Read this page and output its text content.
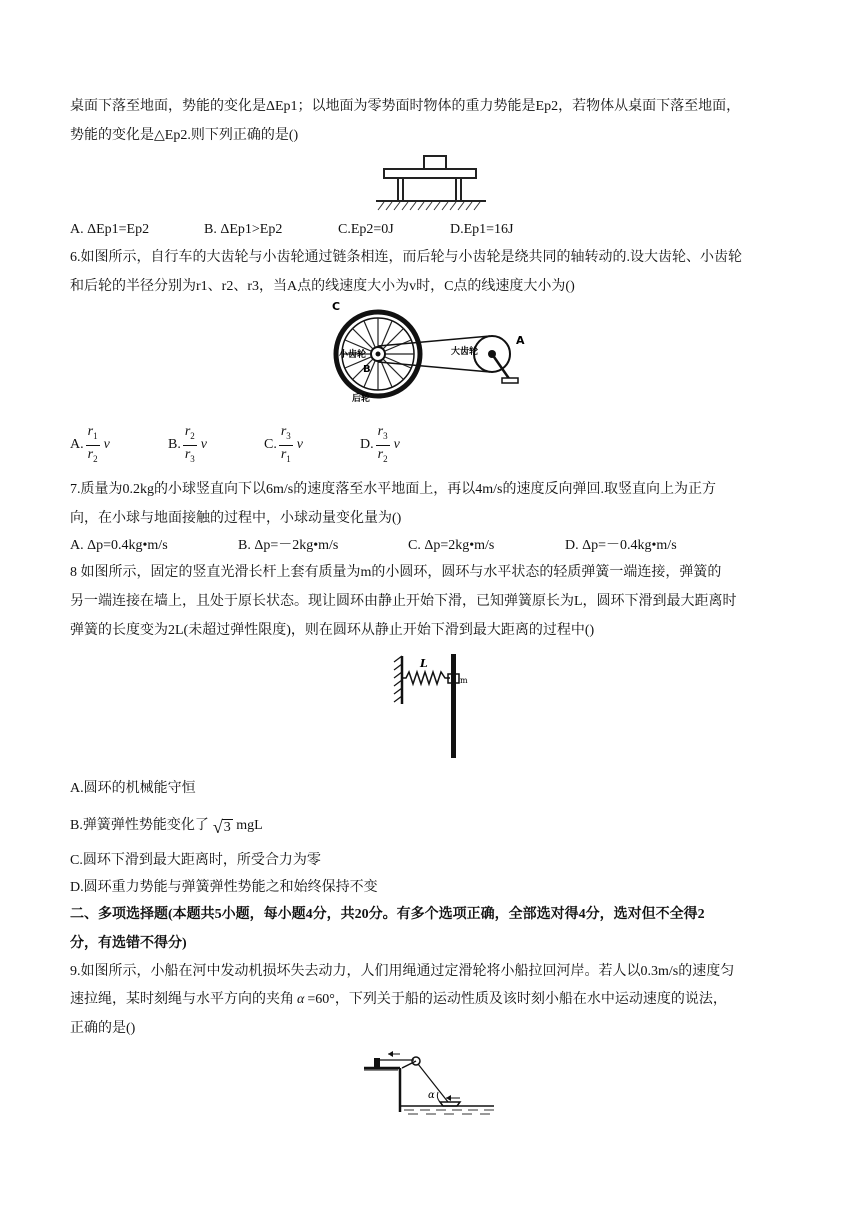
桌面下落至地面，势能的变化是ΔEp1；以地面为零势面时物体的重力势能是Ep2，若物体从桌面下落至地面，
势能的变化是△Ep2.则下列正确的是()
A. ΔEp1=Ep2	B. ΔEp1>Ep2	C.Ep2=0J	D.Ep1=16J
6.如图所示，自行车的大齿轮与小齿轮通过链条相连，而后轮与小齿轮是绕共同的轴转动的.设大齿轮、小齿轮
和后轮的半径分别为r1、r2、r3，当A点的线速度大小为v时，C点的线速度大小为()
C
小齿轮
B
后轮
大齿轮
A
A. $\frac{r_1}{r_2}$ v	B. $\frac{r_2}{r_3}$ v	C. $\frac{r_3}{r_1}$ v	D. $\frac{r_3}{r_2}$ v
7.质量为0.2kg的小球竖直向下以6m/s的速度落至水平地面上，再以4m/s的速度反向弹回.取竖直向上为正方
向，在小球与地面接触的过程中，小球动量变化量为()
A. Δp=0.4kg•m/s	B. Δp=－2kg•m/s	C. Δp=2kg•m/s	D. Δp=－0.4kg•m/s
8 如图所示，固定的竖直光滑长杆上套有质量为m的小圆环，圆环与水平状态的轻质弹簧一端连接，弹簧的
另一端连接在墙上，且处于原长状态。现让圆环由静止开始下滑，已知弹簧原长为L，圆环下滑到最大距离时
弹簧的长度变为2L(未超过弹性限度)，则在圆环从静止开始下滑到最大距离的过程中()
L
m
A.圆环的机械能守恒
B.弹簧弹性势能变化了 √ 3 mgL
C.圆环下滑到最大距离时，所受合力为零
D.圆环重力势能与弹簧弹性势能之和始终保持不变
二、多项选择题(本题共5小题，每小题4分，共20分。有多个选项正确，全部选对得4分，选对但不全得2
分，有选错不得分)
9.如图所示，小船在河中发动机损坏失去动力，人们用绳通过定滑轮将小船拉回河岸。若人以0.3m/s的速度匀
速拉绳，某时刻绳与水平方向的夹角 α =60°，下列关于船的运动性质及该时刻小船在水中运动速度的说法，
正确的是()
α
